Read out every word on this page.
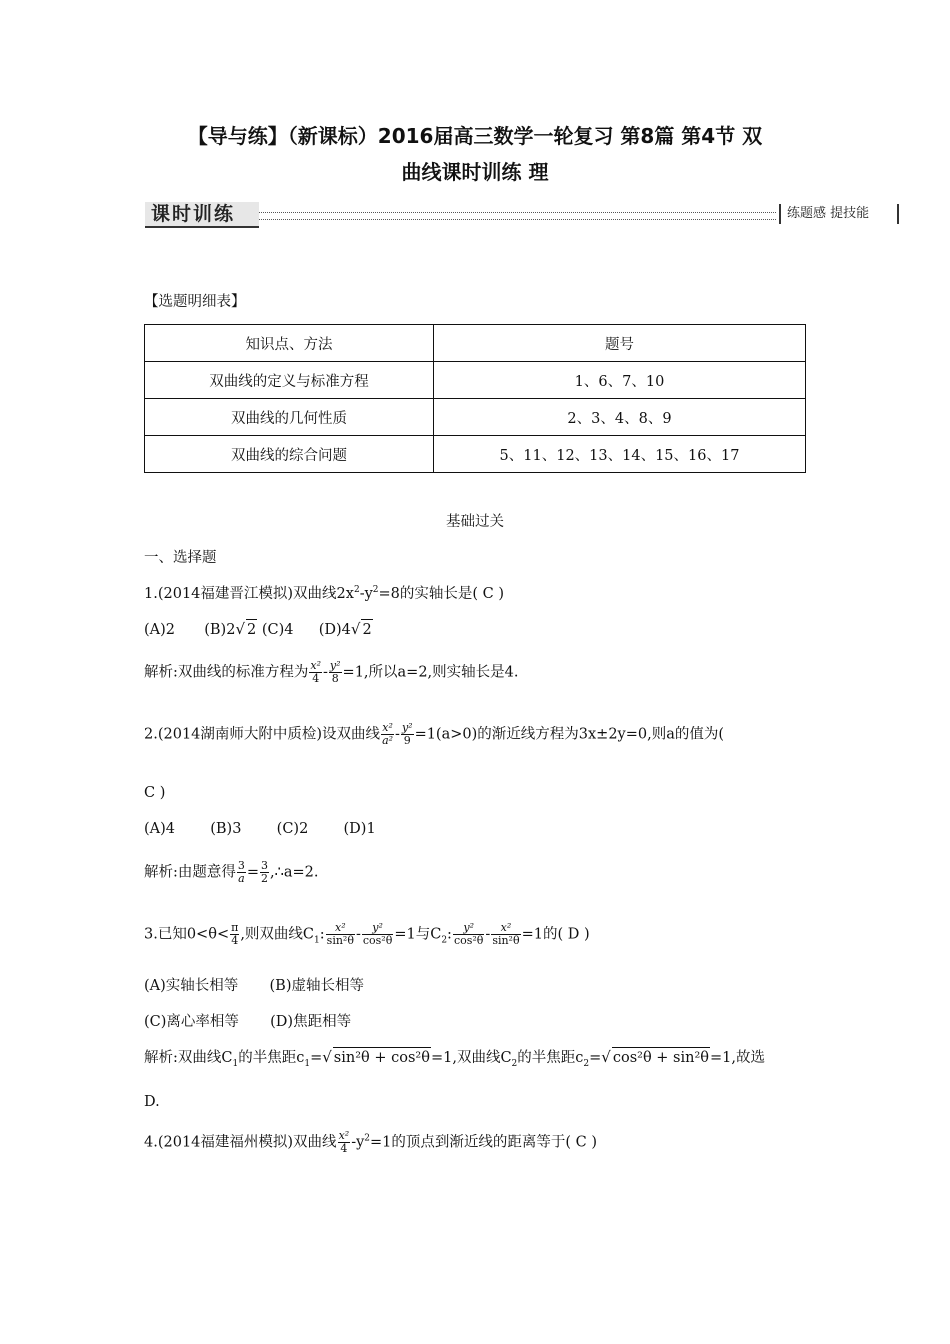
【导与练】（新课标）2016届高三数学一轮复习 第8篇 第4节 双
曲线课时训练 理
课时训练	练题感 提技能
【选题明细表】
知识点、方法	题号
双曲线的定义与标准方程	1、6、7、10
双曲线的几何性质	2、3、4、8、9
双曲线的综合问题	5、11、12、13、14、15、16、17
基础过关
一、选择题
1.(2014福建晋江模拟)双曲线$2x^2-y^2=8$的实轴长是( C )
(A)2 (B)2√ 2 (C)4 (D)4√ 2
解析:双曲线的标准方程为 $\frac{\text{x²}}{4} - \frac{\text{y²}}{8} =1$,所以a=2,则实轴长是4.
2.(2014湖南师大附中质检)设双曲线 $\frac{\text{x²}}{\text{a²}} - \frac{\text{y²}}{9} =1(a>0)$的渐近线方程为3x±2y=0,则a的值为(
C )
(A)4 (B)3 (C)2 (D)1
解析:由题意得 $\frac{3}{a} = \frac{3}{2}$ ,∴a=2.
3.已知$0<\theta< \frac{\pi}{4}$ ,则双曲线$C_1$: $\frac{\text{x²}}{\text{sin²θ}} - \frac{\text{y²}}{\text{cos²θ}} =1$与$C_2$: $\frac{\text{y²}}{\text{cos²θ}} - \frac{\text{x²}}{\text{sin²θ}} =1$的( D )
(A)实轴长相等 (B)虚轴长相等
(C)离心率相等 (D)焦距相等
解析:双曲线$C_1$的半焦距$c_1=√$ sin²θ + cos²θ=1,双曲线$C_2$的半焦距$c_2=√$ cos²θ + sin²θ=1,故选
D.
4.(2014福建福州模拟)双曲线 $\frac{\text{x²}}{4} -y^2=1$的顶点到渐近线的距离等于( C )
